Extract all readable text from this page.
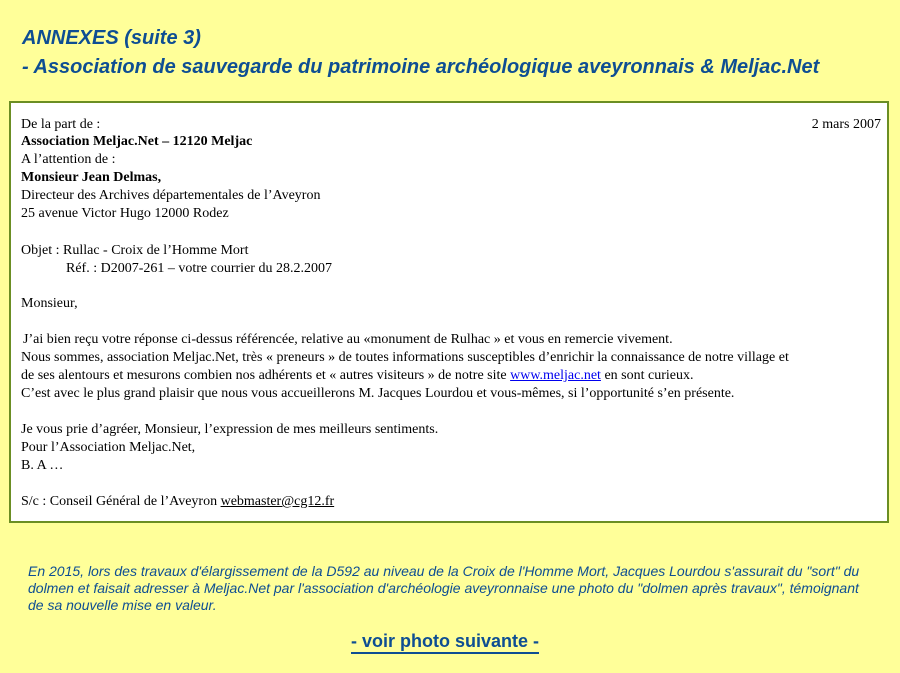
ANNEXES (suite 3)
- Association de sauvegarde du patrimoine archéologique aveyronnais & Meljac.Net
De la part de :	2 mars 2007
Association Meljac.Net – 12120 Meljac
A l’attention de :
Monsieur Jean Delmas,
Directeur des Archives départementales de l’Aveyron
25 avenue Victor Hugo 12000 Rodez
Objet : Rullac - Croix de l’Homme Mort
Réf. : D2007-261 – votre courrier du 28.2.2007
Monsieur,
J’ai bien reçu votre réponse ci-dessus référencée, relative au «monument de Rulhac » et vous en remercie vivement.
Nous sommes, association Meljac.Net, très « preneurs » de toutes informations susceptibles d’enrichir la connaissance de notre village et
de ses alentours et mesurons combien nos adhérents et « autres visiteurs » de notre site www.meljac.net en sont curieux.
C’est avec le plus grand plaisir que nous vous accueillerons M. Jacques Lourdou et vous-mêmes, si l’opportunité s’en présente.
Je vous prie d’agréer, Monsieur, l’expression de mes meilleurs sentiments.
Pour l’Association Meljac.Net,
B. A …
S/c : Conseil Général de l’Aveyron webmaster@cg12.fr
En 2015, lors des travaux d'élargissement de la D592 au niveau de la Croix de l'Homme Mort, Jacques Lourdou s'assurait du "sort" du dolmen et faisait adresser à Meljac.Net par l'association d'archéologie aveyronnaise une photo du "dolmen après travaux", témoignant de sa nouvelle mise en valeur.
- voir photo suivante -
